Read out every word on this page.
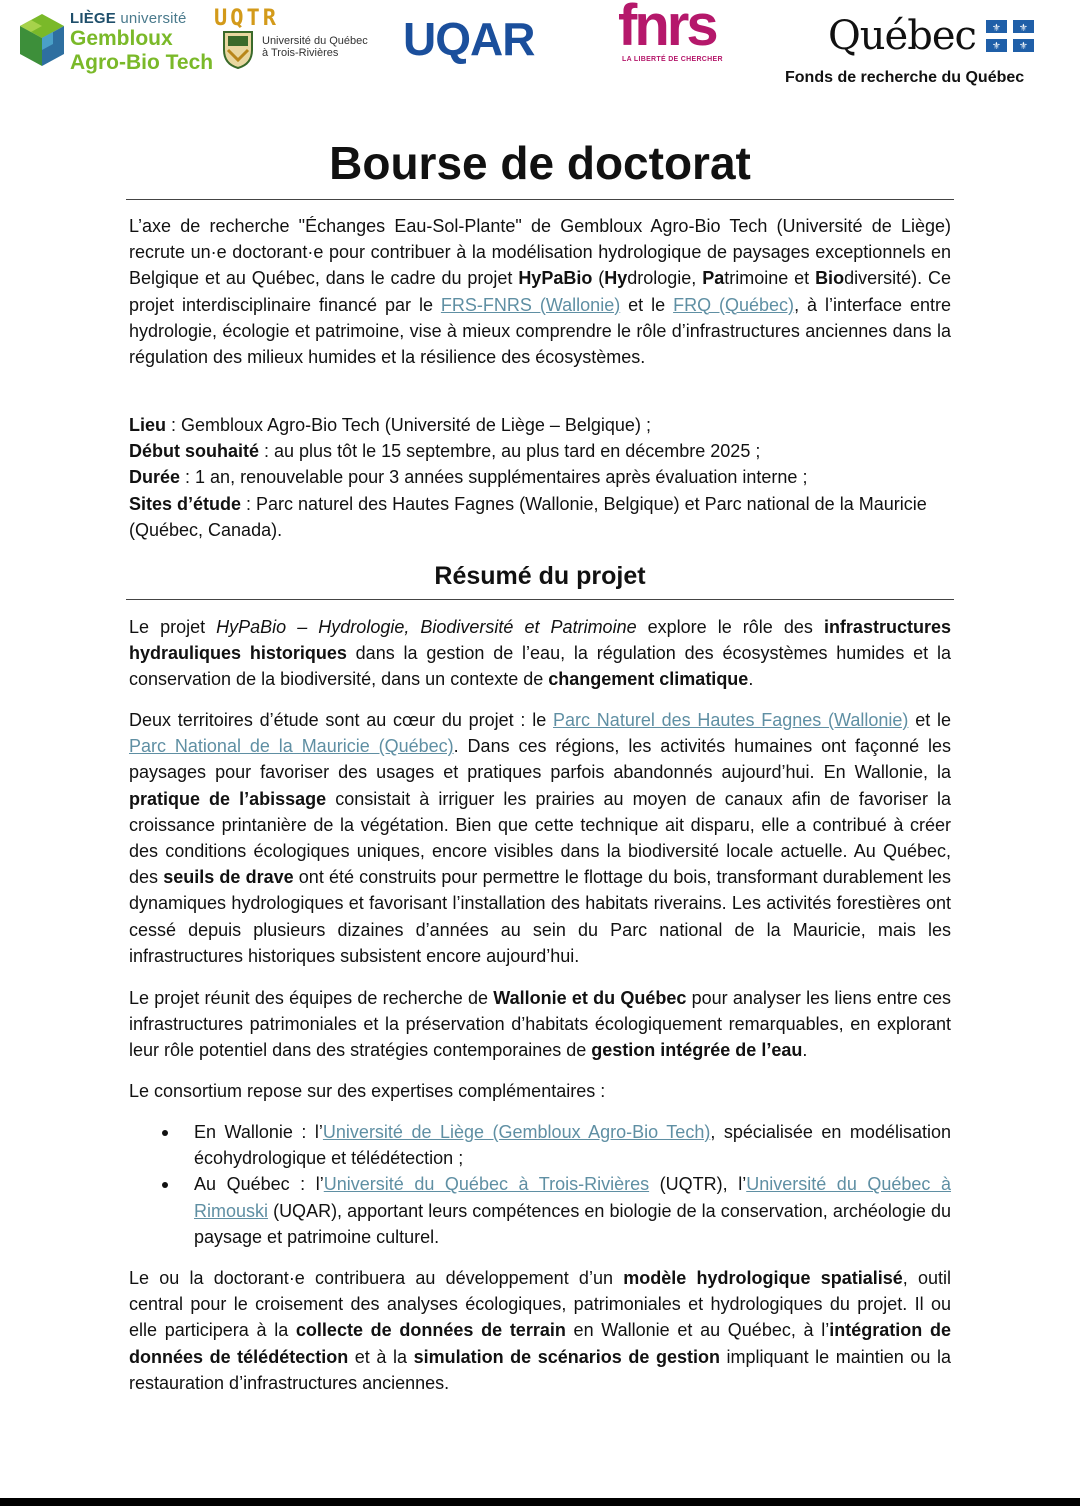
LIÈGE université
Gembloux
Agro-Bio Tech
UQTR
Université du Québec
à Trois-Rivières	UQAR fnrs
LA LIBERTÉ DE CHERCHER
Québec ⚜ ⚜
⚜ ⚜
Fonds de recherche du Québec
Bourse de doctorat

L’axe de recherche "Échanges Eau-Sol-Plante" de Gembloux Agro-Bio Tech (Université de Liège) recrute un·e doctorant·e pour contribuer à la modélisation hydrologique de paysages exceptionnels en Belgique et au Québec, dans le cadre du projet HyPaBio (Hydrologie, Patrimoine et Biodiversité). Ce projet interdisciplinaire financé par le FRS-FNRS (Wallonie) et le FRQ (Québec), à l’interface entre hydrologie, écologie et patrimoine, vise à mieux comprendre le rôle d’infrastructures anciennes dans la régulation des milieux humides et la résilience des écosystèmes.

Lieu : Gembloux Agro-Bio Tech (Université de Liège – Belgique) ;

Début souhaité : au plus tôt le 15 septembre, au plus tard en décembre 2025 ;

Durée : 1 an, renouvelable pour 3 années supplémentaires après évaluation interne ;

Sites d’étude : Parc naturel des Hautes Fagnes (Wallonie, Belgique) et Parc national de la Mauricie (Québec, Canada).

Résumé du projet

Le projet HyPaBio – Hydrologie, Biodiversité et Patrimoine explore le rôle des infrastructures hydrauliques historiques dans la gestion de l’eau, la régulation des écosystèmes humides et la conservation de la biodiversité, dans un contexte de changement climatique.

Deux territoires d’étude sont au cœur du projet : le Parc Naturel des Hautes Fagnes (Wallonie) et le Parc National de la Mauricie (Québec). Dans ces régions, les activités humaines ont façonné les paysages pour favoriser des usages et pratiques parfois abandonnés aujourd’hui. En Wallonie, la pratique de l’abissage consistait à irriguer les prairies au moyen de canaux afin de favoriser la croissance printanière de la végétation. Bien que cette technique ait disparu, elle a contribué à créer des conditions écologiques uniques, encore visibles dans la biodiversité locale actuelle. Au Québec, des seuils de drave ont été construits pour permettre le flottage du bois, transformant durablement les dynamiques hydrologiques et favorisant l’installation des habitats riverains. Les activités forestières ont cessé depuis plusieurs dizaines d’années au sein du Parc national de la Mauricie, mais les infrastructures historiques subsistent encore aujourd’hui.

Le projet réunit des équipes de recherche de Wallonie et du Québec pour analyser les liens entre ces infrastructures patrimoniales et la préservation d’habitats écologiquement remarquables, en explorant leur rôle potentiel dans des stratégies contemporaines de gestion intégrée de l’eau.

Le consortium repose sur des expertises complémentaires :

En Wallonie : l’Université de Liège (Gembloux Agro-Bio Tech), spécialisée en modélisation écohydrologique et télédétection ;
Au Québec : l’Université du Québec à Trois-Rivières (UQTR), l’Université du Québec à Rimouski (UQAR), apportant leurs compétences en biologie de la conservation, archéologie du paysage et patrimoine culturel.

Le ou la doctorant·e contribuera au développement d’un modèle hydrologique spatialisé, outil central pour le croisement des analyses écologiques, patrimoniales et hydrologiques du projet. Il ou elle participera à la collecte de données de terrain en Wallonie et au Québec, à l’intégration de données de télédétection et à la simulation de scénarios de gestion impliquant le maintien ou la restauration d’infrastructures anciennes.
